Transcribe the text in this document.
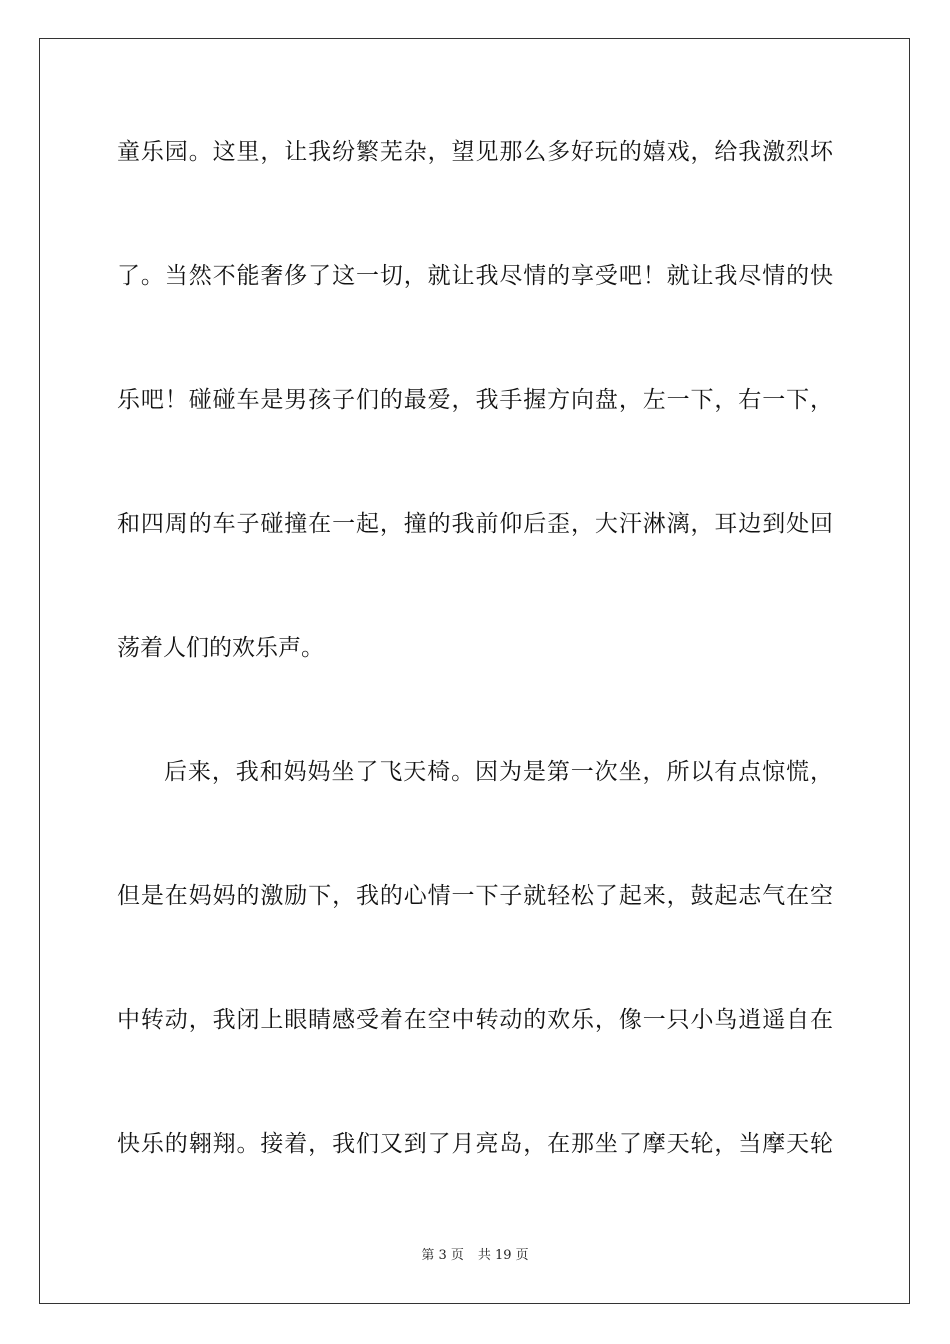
童乐园。这里，让我纷繁芜杂，望见那么多好玩的嬉戏，给我激烈坏
了。当然不能奢侈了这一切，就让我尽情的享受吧！就让我尽情的快
乐吧！碰碰车是男孩子们的最爱，我手握方向盘，左一下，右一下，
和四周的车子碰撞在一起，撞的我前仰后歪，大汗淋漓，耳边到处回
荡着人们的欢乐声。
后来，我和妈妈坐了飞天椅。因为是第一次坐，所以有点惊慌，
但是在妈妈的激励下，我的心情一下子就轻松了起来，鼓起志气在空
中转动，我闭上眼睛感受着在空中转动的欢乐，像一只小鸟逍遥自在
快乐的翱翔。接着，我们又到了月亮岛，在那坐了摩天轮，当摩天轮
第 3 页 共 19 页
